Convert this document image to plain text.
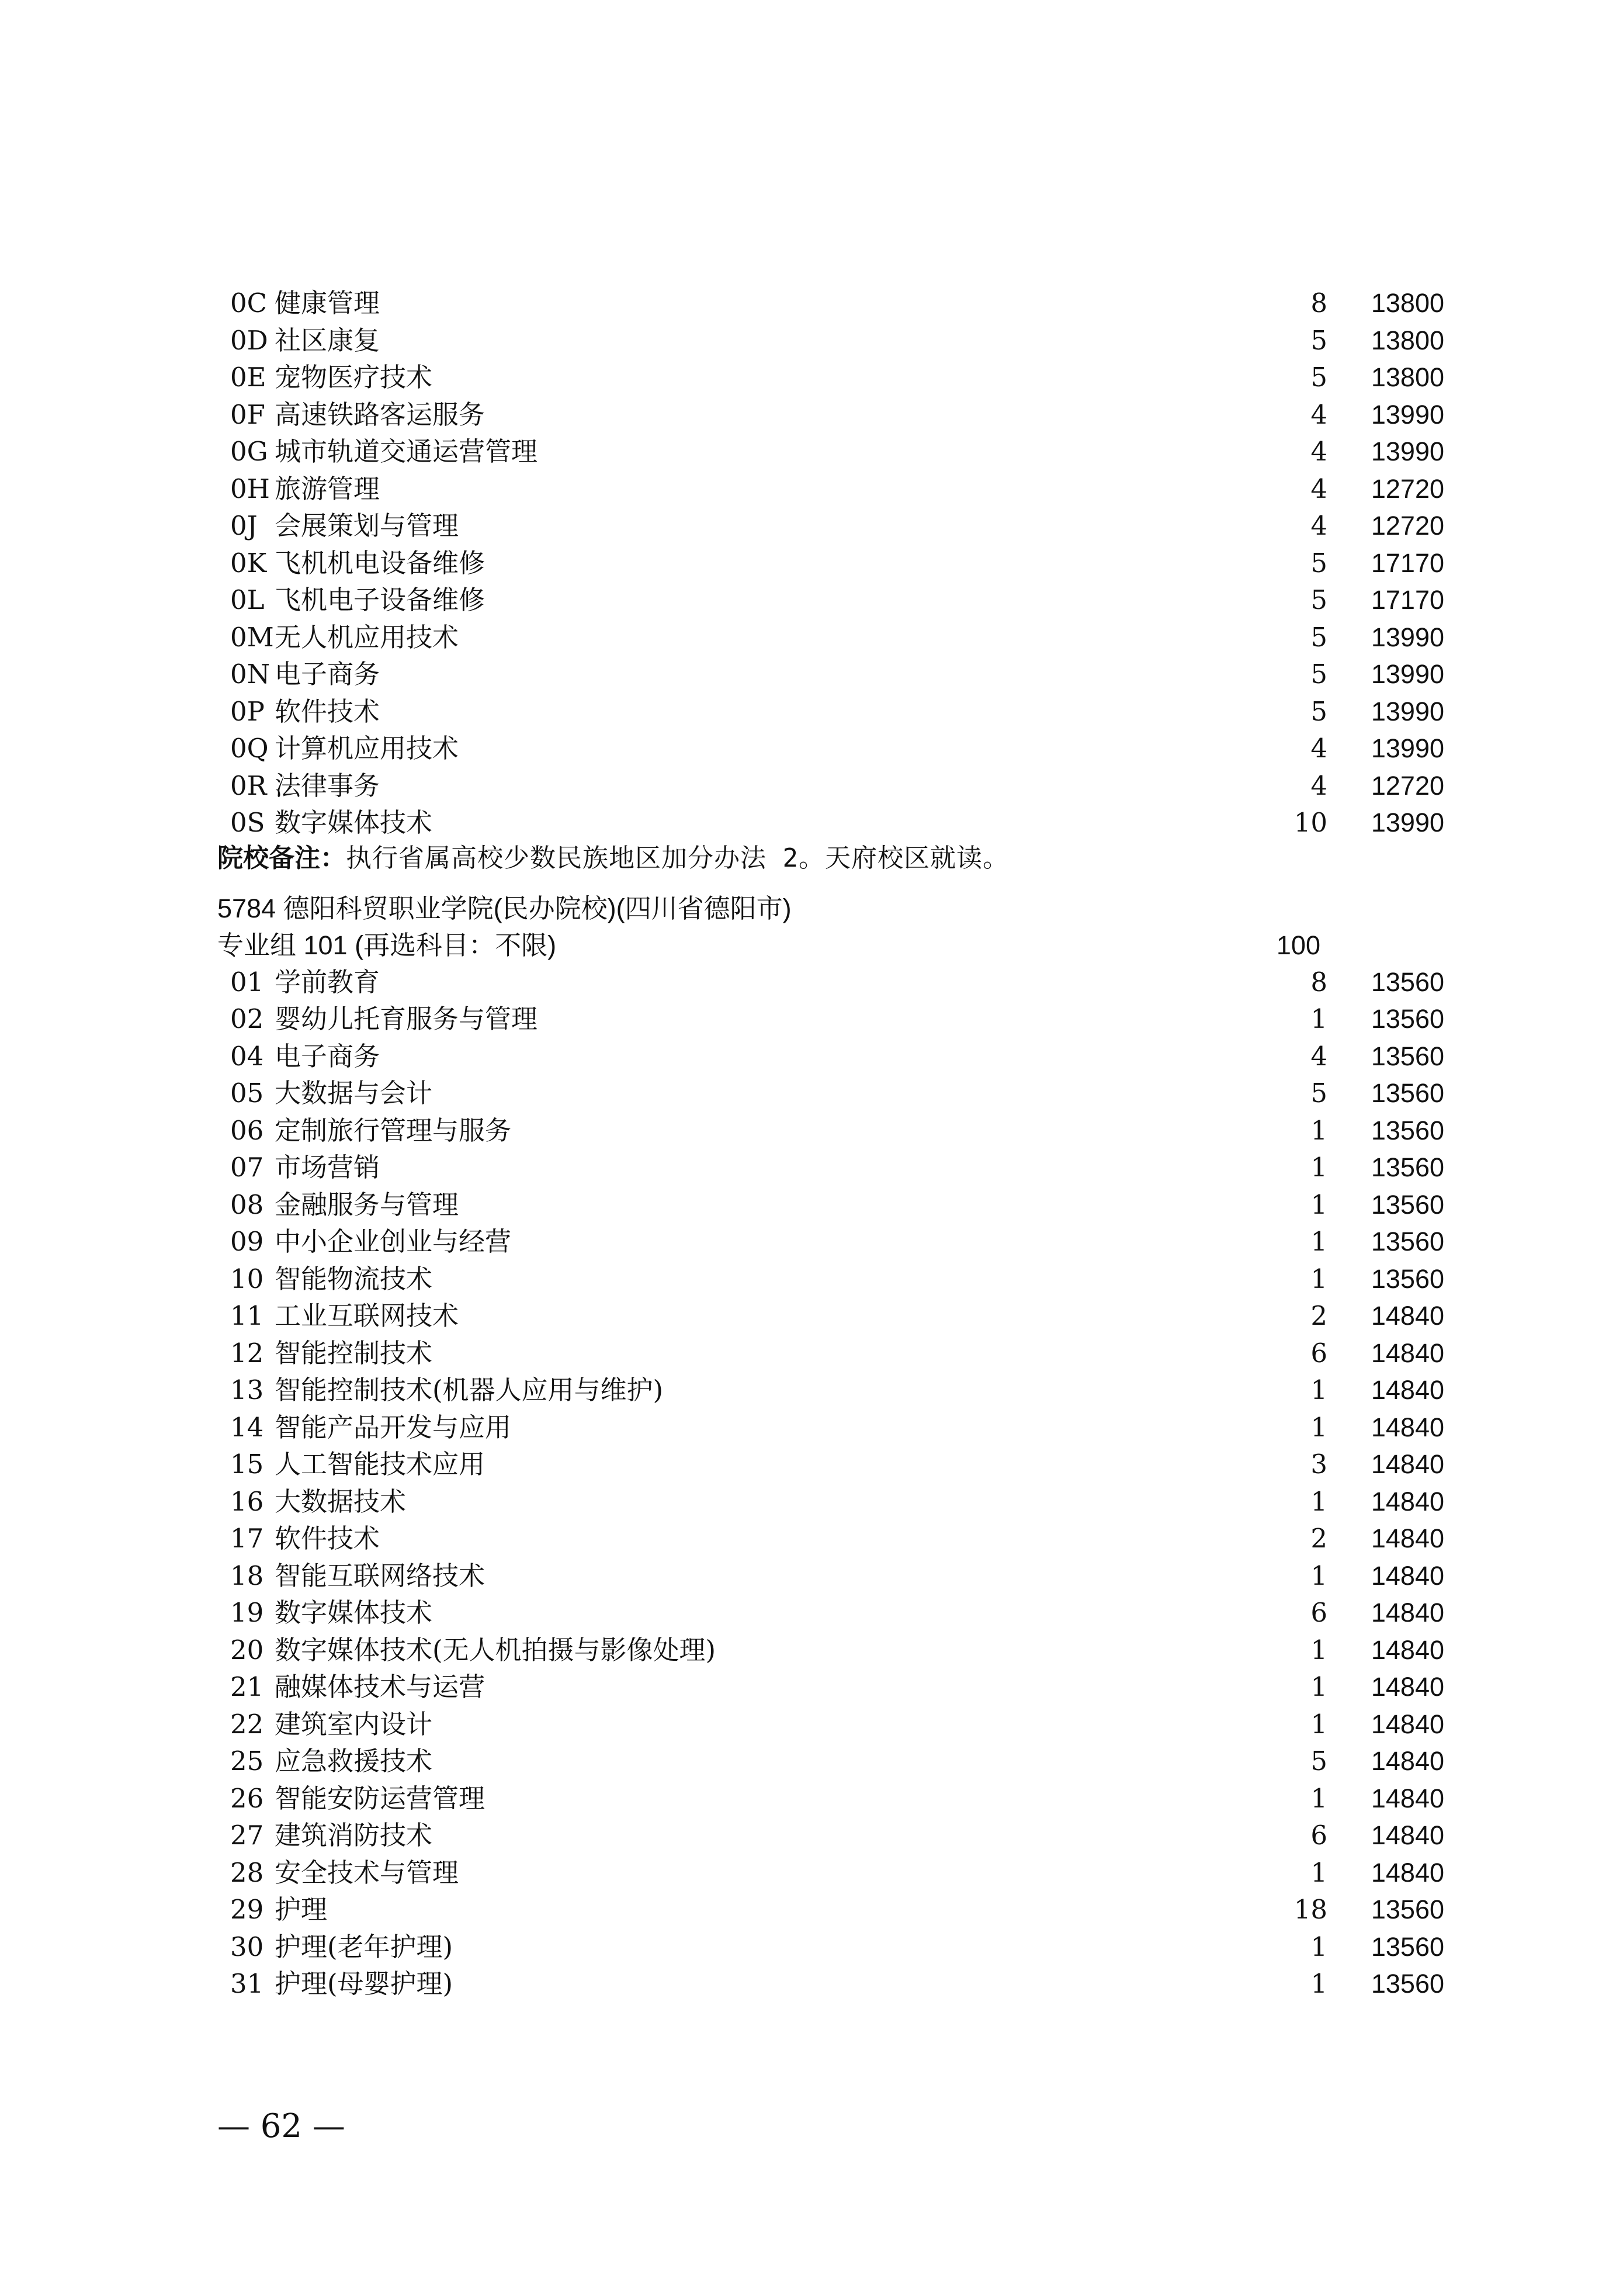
0C 健康管理	8 13800
0D 社区康复	5 13800
0E 宠物医疗技术	5 13800
0F 高速铁路客运服务	4 13990
0G 城市轨道交通运营管理	4 13990
0H 旅游管理	4 12720
0J 会展策划与管理	4 12720
0K 飞机机电设备维修	5 17170
0L 飞机电子设备维修	5 17170
0M 无人机应用技术	5 13990
0N 电子商务	5 13990
0P 软件技术	5 13990
0Q 计算机应用技术	4 13990
0R 法律事务	4 12720
0S 数字媒体技术	10 13990
院校备注：执行省属高校少数民族地区加分办法 2。天府校区就读。
5784 德阳科贸职业学院(民办院校)(四川省德阳市)
专业组 101 (再选科目：不限)	100
01 学前教育	8 13560
02 婴幼儿托育服务与管理	1 13560
04 电子商务	4 13560
05 大数据与会计	5 13560
06 定制旅行管理与服务	1 13560
07 市场营销	1 13560
08 金融服务与管理	1 13560
09 中小企业创业与经营	1 13560
10 智能物流技术	1 13560
11 工业互联网技术	2 14840
12 智能控制技术	6 14840
13 智能控制技术(机器人应用与维护)	1 14840
14 智能产品开发与应用	1 14840
15 人工智能技术应用	3 14840
16 大数据技术	1 14840
17 软件技术	2 14840
18 智能互联网络技术	1 14840
19 数字媒体技术	6 14840
20 数字媒体技术(无人机拍摄与影像处理)	1 14840
21 融媒体技术与运营	1 14840
22 建筑室内设计	1 14840
25 应急救援技术	5 14840
26 智能安防运营管理	1 14840
27 建筑消防技术	6 14840
28 安全技术与管理	1 14840
29 护理	18 13560
30 护理(老年护理)	1 13560
31 护理(母婴护理)	1 13560
— 62 —
